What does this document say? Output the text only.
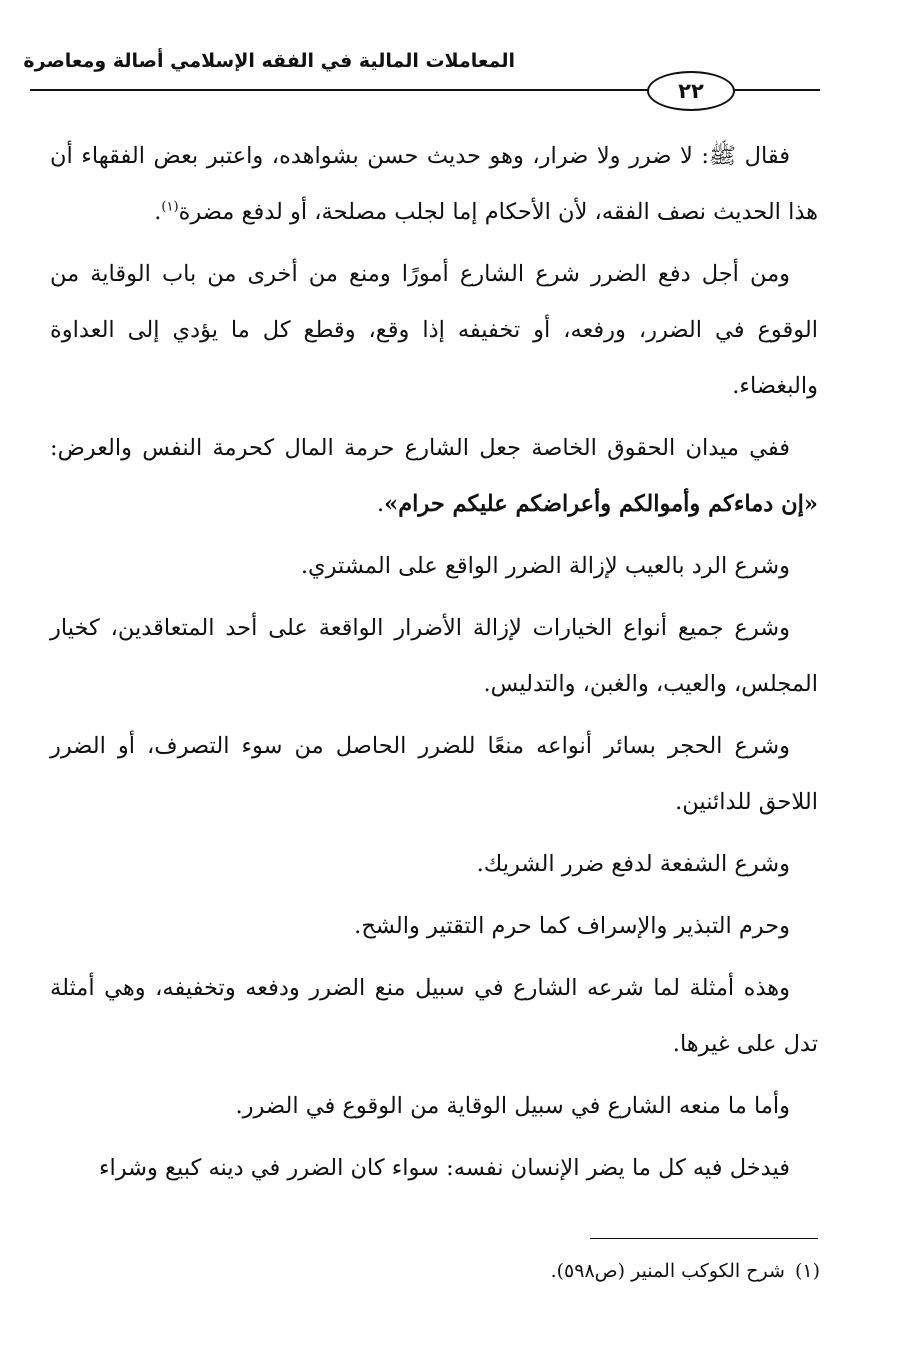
المعاملات المالية في الفقه الإسلامي أصالة ومعاصرة
٢٢

فقال ﷺ: لا ضرر ولا ضرار، وهو حديث حسن بشواهده، واعتبر بعض الفقهاء أن هذا الحديث نصف الفقه، لأن الأحكام إما لجلب مصلحة، أو لدفع مضرة$^{(١)}$.

ومن أجل دفع الضرر شرع الشارع أمورًا ومنع من أخرى من باب الوقاية من الوقوع في الضرر، ورفعه، أو تخفيفه إذا وقع، وقطع كل ما يؤدي إلى العداوة والبغضاء.

ففي ميدان الحقوق الخاصة جعل الشارع حرمة المال كحرمة النفس والعرض: «إن دماءكم وأموالكم وأعراضكم عليكم حرام».

وشرع الرد بالعيب لإزالة الضرر الواقع على المشتري.

وشرع جميع أنواع الخيارات لإزالة الأضرار الواقعة على أحد المتعاقدين، كخيار المجلس، والعيب، والغبن، والتدليس.

وشرع الحجر بسائر أنواعه منعًا للضرر الحاصل من سوء التصرف، أو الضرر اللاحق للدائنين.

وشرع الشفعة لدفع ضرر الشريك.

وحرم التبذير والإسراف كما حرم التقتير والشح.

وهذه أمثلة لما شرعه الشارع في سبيل منع الضرر ودفعه وتخفيفه، وهي أمثلة تدل على غيرها.

وأما ما منعه الشارع في سبيل الوقاية من الوقوع في الضرر.

فيدخل فيه كل ما يضر الإنسان نفسه: سواء كان الضرر في دينه كبيع وشراء

(١)شرح الكوكب المنير (ص٥٩٨).
